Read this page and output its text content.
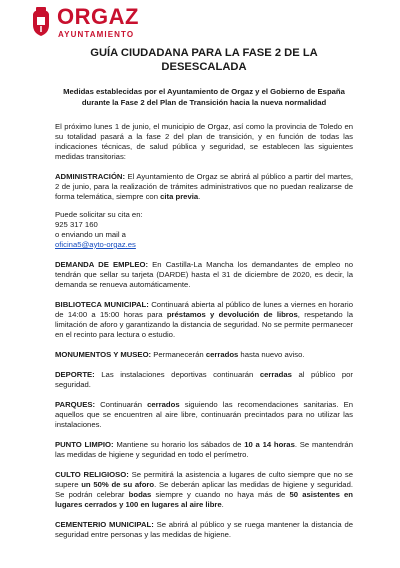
ORGAZ
AYUNTAMIENTO
GUÍA CIUDADANA PARA LA FASE 2 DE LA
DESESCALADA
Medidas establecidas por el Ayuntamiento de Orgaz y el Gobierno de España durante la Fase 2 del Plan de Transición hacia la nueva normalidad

El próximo lunes 1 de junio, el municipio de Orgaz, así como la provincia de Toledo en su totalidad pasará a la fase 2 del plan de transición, y en función de todas las indicaciones técnicas, de salud pública y seguridad, se establecen las siguientes medidas transitorias:

ADMINISTRACIÓN: El Ayuntamiento de Orgaz se abrirá al público a partir del martes, 2 de junio, para la realización de trámites administrativos que no puedan realizarse de forma telemática, siempre con cita previa.

Puede solicitar su cita en:
925 317 160
o enviando un mail a
oficina5@ayto-orgaz.es

DEMANDA DE EMPLEO: En Castilla-La Mancha los demandantes de empleo no tendrán que sellar su tarjeta (DARDE) hasta el 31 de diciembre de 2020, es decir, la demanda se renueva automáticamente.

BIBLIOTECA MUNICIPAL: Continuará abierta al público de lunes a viernes en horario de 14:00 a 15:00 horas para préstamos y devolución de libros, respetando la limitación de aforo y garantizando la distancia de seguridad. No se permite permanecer en el recinto para lectura o estudio.

MONUMENTOS Y MUSEO: Permanecerán cerrados hasta nuevo aviso.

DEPORTE: Las instalaciones deportivas continuarán cerradas al público por seguridad.

PARQUES: Continuarán cerrados siguiendo las recomendaciones sanitarias. En aquellos que se encuentren al aire libre, continuarán precintados para no utilizar las instalaciones.

PUNTO LIMPIO: Mantiene su horario los sábados de 10 a 14 horas. Se mantendrán las medidas de higiene y seguridad en todo el perímetro.

CULTO RELIGIOSO: Se permitirá la asistencia a lugares de culto siempre que no se supere un 50% de su aforo. Se deberán aplicar las medidas de higiene y seguridad. Se podrán celebrar bodas siempre y cuando no haya más de 50 asistentes en lugares cerrados y 100 en lugares al aire libre.

CEMENTERIO MUNICIPAL: Se abrirá al público y se ruega mantener la distancia de seguridad entre personas y las medidas de higiene.
